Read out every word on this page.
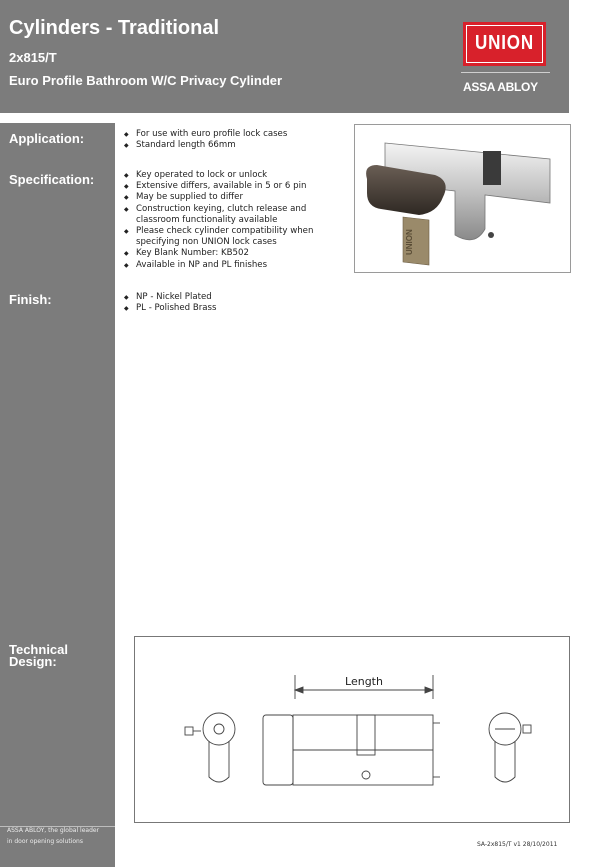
Cylinders - Traditional
2x815/T
Euro Profile Bathroom W/C Privacy Cylinder
UNION
ASSA ABLOY
Application:
Specification:
Finish:
Technical
Design:
ASSA ABLOY, the global leader
in door opening solutions
◆ For use with euro profile lock cases
◆ Standard length 66mm
◆ Key operated to lock or unlock
◆ Extensive differs, available in 5 or 6 pin
◆ May be supplied to differ
◆ Construction keying, clutch release and classroom functionality available
◆ Please check cylinder compatibility when specifying non UNION lock cases
◆ Key Blank Number: KB502
◆ Available in NP and PL finishes
◆ NP - Nickel Plated
◆ PL - Polished Brass
UNION
Length
SA-2x815/T v1 28/10/2011
